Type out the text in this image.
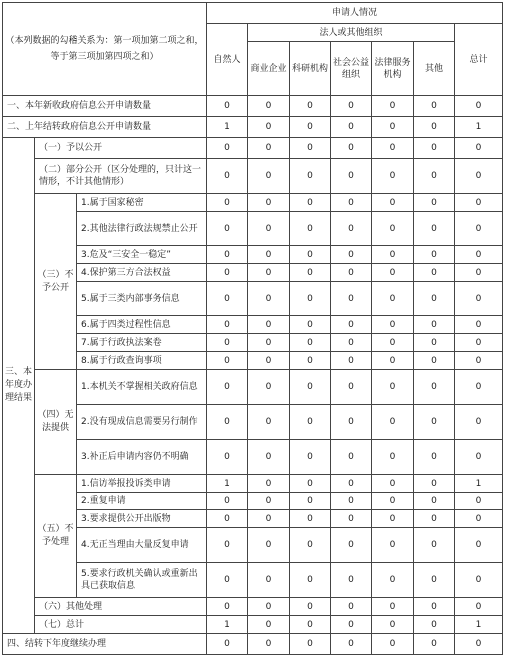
（本列数据的勾稽关系为：第一项加第二项之和，等于第三项加第四项之和）			申请人情况						
			自然人	法人或其他组织					总计
				商业企业	科研机构	社会公益组织	法律服务机构	其他	
一、本年新收政府信息公开申请数量			0	0	0	0	0	0	0
二、上年结转政府信息公开申请数量			1	0	0	0	0	0	1
三、本年度办理结果	（一）予以公开		0	0	0	0	0	0	0
	（二）部分公开（区分处理的，只计这一情形，不计其他情形）		0	0	0	0	0	0	0
	（三）不予公开	1.属于国家秘密	0	0	0	0	0	0	0
		2.其他法律行政法规禁止公开	0	0	0	0	0	0	0
		3.危及“三安全一稳定”	0	0	0	0	0	0	0
		4.保护第三方合法权益	0	0	0	0	0	0	0
		5.属于三类内部事务信息	0	0	0	0	0	0	0
		6.属于四类过程性信息	0	0	0	0	0	0	0
		7.属于行政执法案卷	0	0	0	0	0	0	0
		8.属于行政查询事项	0	0	0	0	0	0	0
	（四）无法提供	1.本机关不掌握相关政府信息	0	0	0	0	0	0	0
		2.没有现成信息需要另行制作	0	0	0	0	0	0	0
		3.补正后申请内容仍不明确	0	0	0	0	0	0	0
	（五）不予处理	1.信访举报投诉类申请	1	0	0	0	0	0	1
		2.重复申请	0	0	0	0	0	0	0
		3.要求提供公开出版物	0	0	0	0	0	0	0
		4.无正当理由大量反复申请	0	0	0	0	0	0	0
		5.要求行政机关确认或重新出具已获取信息	0	0	0	0	0	0	0
	（六）其他处理		0	0	0	0	0	0	0
	（七）总计		1	0	0	0	0	0	1
四、结转下年度继续办理			0	0	0	0	0	0	0
